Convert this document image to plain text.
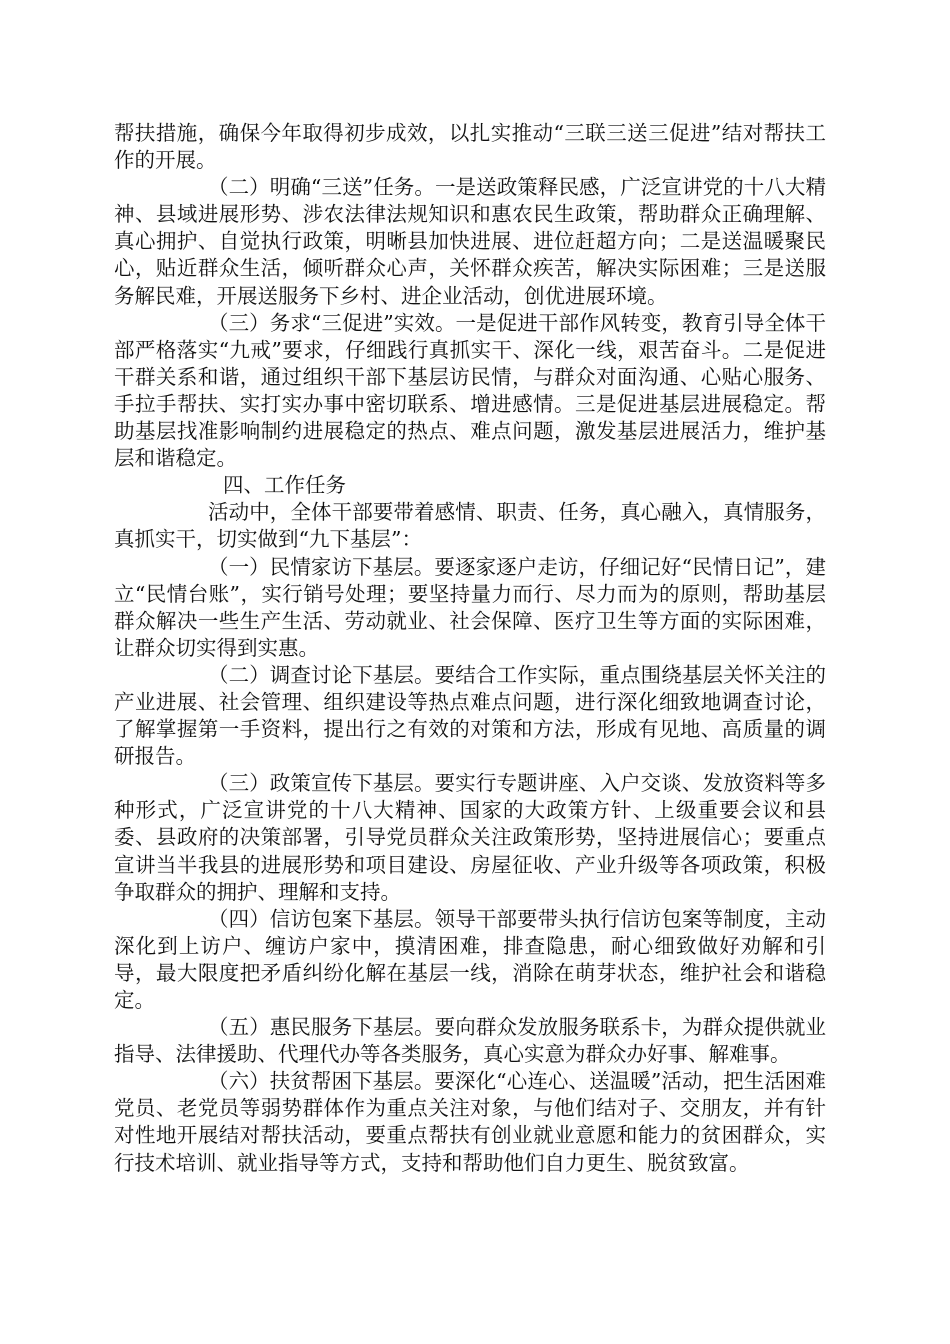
帮扶措施，确保今年取得初步成效，以扎实推动“三联三送三促进”结对帮扶工作的开展。

（二）明确“三送”任务。一是送政策释民感，广泛宣讲党的十八大精神、县域进展形势、涉农法律法规知识和惠农民生政策，帮助群众正确理解、真心拥护、自觉执行政策，明晰县加快进展、进位赶超方向；二是送温暖聚民心，贴近群众生活，倾听群众心声，关怀群众疾苦，解决实际困难；三是送服务解民难，开展送服务下乡村、进企业活动，创优进展环境。

（三）务求“三促进”实效。一是促进干部作风转变，教育引导全体干部严格落实“九戒”要求，仔细践行真抓实干、深化一线，艰苦奋斗。二是促进干群关系和谐，通过组织干部下基层访民情，与群众对面沟通、心贴心服务、手拉手帮扶、实打实办事中密切联系、增进感情。三是促进基层进展稳定。帮助基层找准影响制约进展稳定的热点、难点问题，激发基层进展活力，维护基层和谐稳定。

四、工作任务

活动中，全体干部要带着感情、职责、任务，真心融入，真情服务，真抓实干，切实做到“九下基层”：

（一）民情家访下基层。要逐家逐户走访，仔细记好“民情日记”，建立“民情台账”，实行销号处理；要坚持量力而行、尽力而为的原则，帮助基层群众解决一些生产生活、劳动就业、社会保障、医疗卫生等方面的实际困难，让群众切实得到实惠。

（二）调查讨论下基层。要结合工作实际，重点围绕基层关怀关注的产业进展、社会管理、组织建设等热点难点问题，进行深化细致地调查讨论，了解掌握第一手资料，提出行之有效的对策和方法，形成有见地、高质量的调研报告。

（三）政策宣传下基层。要实行专题讲座、入户交谈、发放资料等多种形式，广泛宣讲党的十八大精神、国家的大政策方针、上级重要会议和县委、县政府的决策部署，引导党员群众关注政策形势，坚持进展信心；要重点宣讲当半我县的进展形势和项目建设、房屋征收、产业升级等各项政策，积极争取群众的拥护、理解和支持。

（四）信访包案下基层。领导干部要带头执行信访包案等制度，主动深化到上访户、缠访户家中，摸清困难，排查隐患，耐心细致做好劝解和引导，最大限度把矛盾纠纷化解在基层一线，消除在萌芽状态，维护社会和谐稳定。

（五）惠民服务下基层。要向群众发放服务联系卡，为群众提供就业指导、法律援助、代理代办等各类服务，真心实意为群众办好事、解难事。

（六）扶贫帮困下基层。要深化“心连心、送温暖”活动，把生活困难党员、老党员等弱势群体作为重点关注对象，与他们结对子、交朋友，并有针对性地开展结对帮扶活动，要重点帮扶有创业就业意愿和能力的贫困群众，实行技术培训、就业指导等方式，支持和帮助他们自力更生、脱贫致富。
